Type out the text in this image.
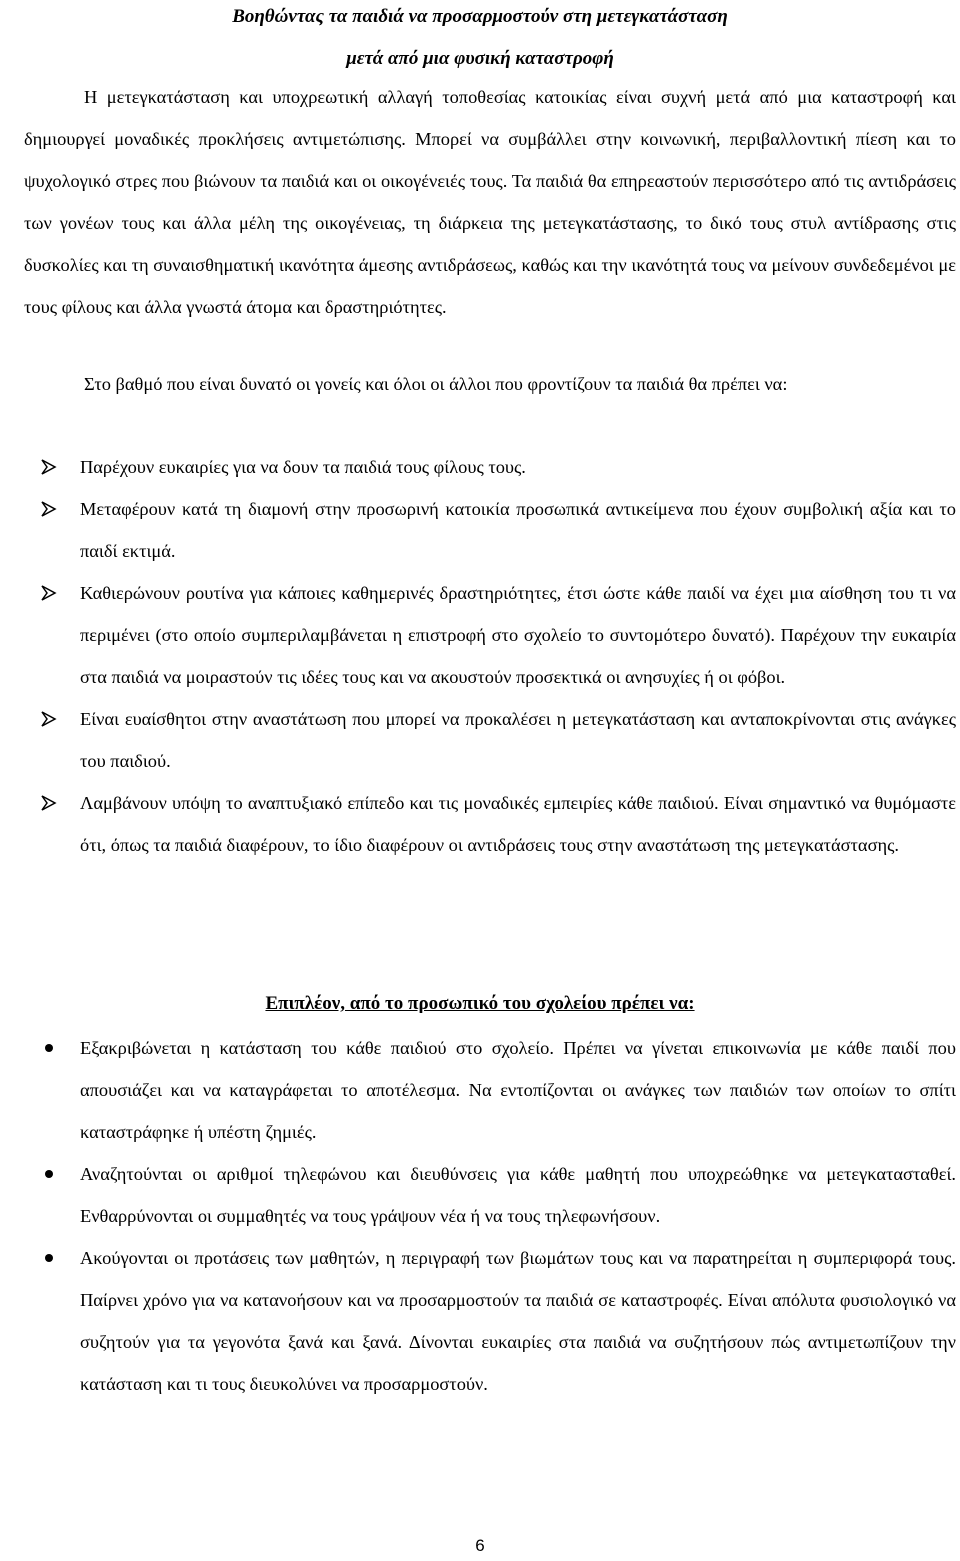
Βοηθώντας τα παιδιά να προσαρμοστούν στη μετεγκατάσταση
μετά από μια φυσική καταστροφή

Η μετεγκατάσταση και υποχρεωτική αλλαγή τοποθεσίας κατοικίας είναι συχνή μετά από μια καταστροφή και δημιουργεί μοναδικές προκλήσεις αντιμετώπισης. Μπορεί να συμβάλλει στην κοινωνική, περιβαλλοντική πίεση και το ψυχολογικό στρες που βιώνουν τα παιδιά και οι οικογένειές τους. Τα παιδιά θα επηρεαστούν περισσότερο από τις αντιδράσεις των γονέων τους και άλλα μέλη της οικογένειας, τη διάρκεια της μετεγκατάστασης, το δικό τους στυλ αντίδρασης στις δυσκολίες και τη συναισθηματική ικανότητα άμεσης αντιδράσεως, καθώς και την ικανότητά τους να μείνουν συνδεδεμένοι με τους φίλους και άλλα γνωστά άτομα και δραστηριότητες.

Στο βαθμό που είναι δυνατό οι γονείς και όλοι οι άλλοι που φροντίζουν τα παιδιά θα πρέπει να:

Παρέχουν ευκαιρίες για να δουν τα παιδιά τους φίλους τους.
Μεταφέρουν κατά τη διαμονή στην προσωρινή κατοικία προσωπικά αντικείμενα που έχουν συμβολική αξία και το παιδί εκτιμά.
Καθιερώνουν ρουτίνα για κάποιες καθημερινές δραστηριότητες, έτσι ώστε κάθε παιδί να έχει μια αίσθηση του τι να περιμένει (στο οποίο συμπεριλαμβάνεται η επιστροφή στο σχολείο το συντομότερο δυνατό). Παρέχουν την ευκαιρία στα παιδιά να μοιραστούν τις ιδέες τους και να ακουστούν προσεκτικά οι ανησυχίες ή οι φόβοι.
Είναι ευαίσθητοι στην αναστάτωση που μπορεί να προκαλέσει η μετεγκατάσταση και ανταποκρίνονται στις ανάγκες του παιδιού.
Λαμβάνουν υπόψη το αναπτυξιακό επίπεδο και τις μοναδικές εμπειρίες κάθε παιδιού. Είναι σημαντικό να θυμόμαστε ότι, όπως τα παιδιά διαφέρουν, το ίδιο διαφέρουν οι αντιδράσεις τους στην αναστάτωση της μετεγκατάστασης.
Επιπλέον, από το προσωπικό του σχολείου πρέπει να:
Εξακριβώνεται η κατάσταση του κάθε παιδιού στο σχολείο. Πρέπει να γίνεται επικοινωνία με κάθε παιδί που απουσιάζει και να καταγράφεται το αποτέλεσμα. Να εντοπίζονται οι ανάγκες των παιδιών των οποίων το σπίτι καταστράφηκε ή υπέστη ζημιές.
Αναζητούνται οι αριθμοί τηλεφώνου και διευθύνσεις για κάθε μαθητή που υποχρεώθηκε να μετεγκατασταθεί. Ενθαρρύνονται οι συμμαθητές να τους γράψουν νέα ή να τους τηλεφωνήσουν.
Ακούγονται οι προτάσεις των μαθητών, η περιγραφή των βιωμάτων τους και να παρατηρείται η συμπεριφορά τους. Παίρνει χρόνο για να κατανοήσουν και να προσαρμοστούν τα παιδιά σε καταστροφές. Είναι απόλυτα φυσιολογικό να συζητούν για τα γεγονότα ξανά και ξανά. Δίνονται ευκαιρίες στα παιδιά να συζητήσουν πώς αντιμετωπίζουν την κατάσταση και τι τους διευκολύνει να προσαρμοστούν.
6
